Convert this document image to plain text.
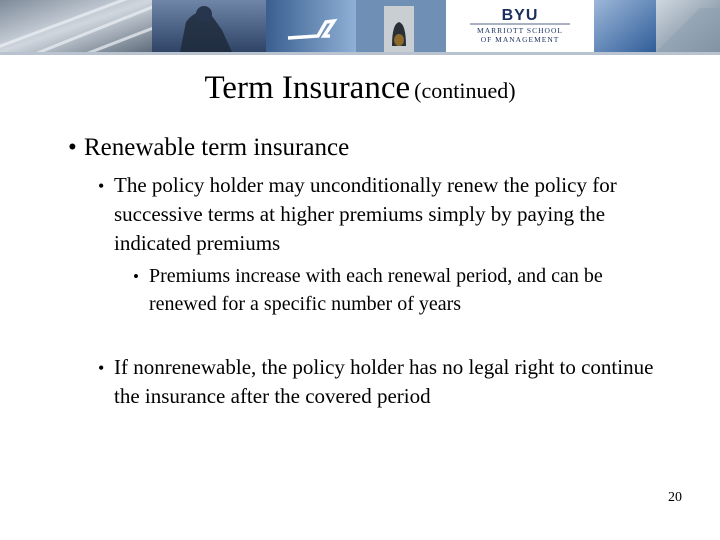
BYU
MARRIOTT SCHOOL
OF MANAGEMENT
Term Insurance (continued)
• Renewable term insurance
• The policy holder may unconditionally renew the policy for successive terms at higher premiums simply by paying the indicated premiums
• Premiums increase with each renewal period, and can be renewed for a specific number of years
• If nonrenewable, the policy holder has no legal right to continue the insurance after the covered period
20
